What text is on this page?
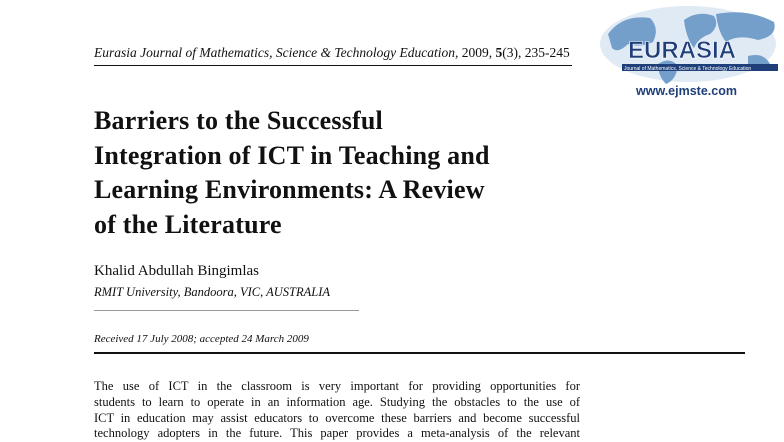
Eurasia Journal of Mathematics, Science & Technology Education, 2009, 5(3), 235-245 EURASIA
Journal of Mathematics, Science & Technology Education
www.ejmste.com
Barriers to the Successful
Integration of ICT in Teaching and
Learning Environments: A Review
of the Literature
Khalid Abdullah Bingimlas
RMIT University, Bandoora, VIC, AUSTRALIA
Received 17 July 2008; accepted 24 March 2009
The use of ICT in the classroom is very important for providing opportunities for
students to learn to operate in an information age. Studying the obstacles to the use of
ICT in education may assist educators to overcome these barriers and become successful
technology adopters in the future. This paper provides a meta-analysis of the relevant
